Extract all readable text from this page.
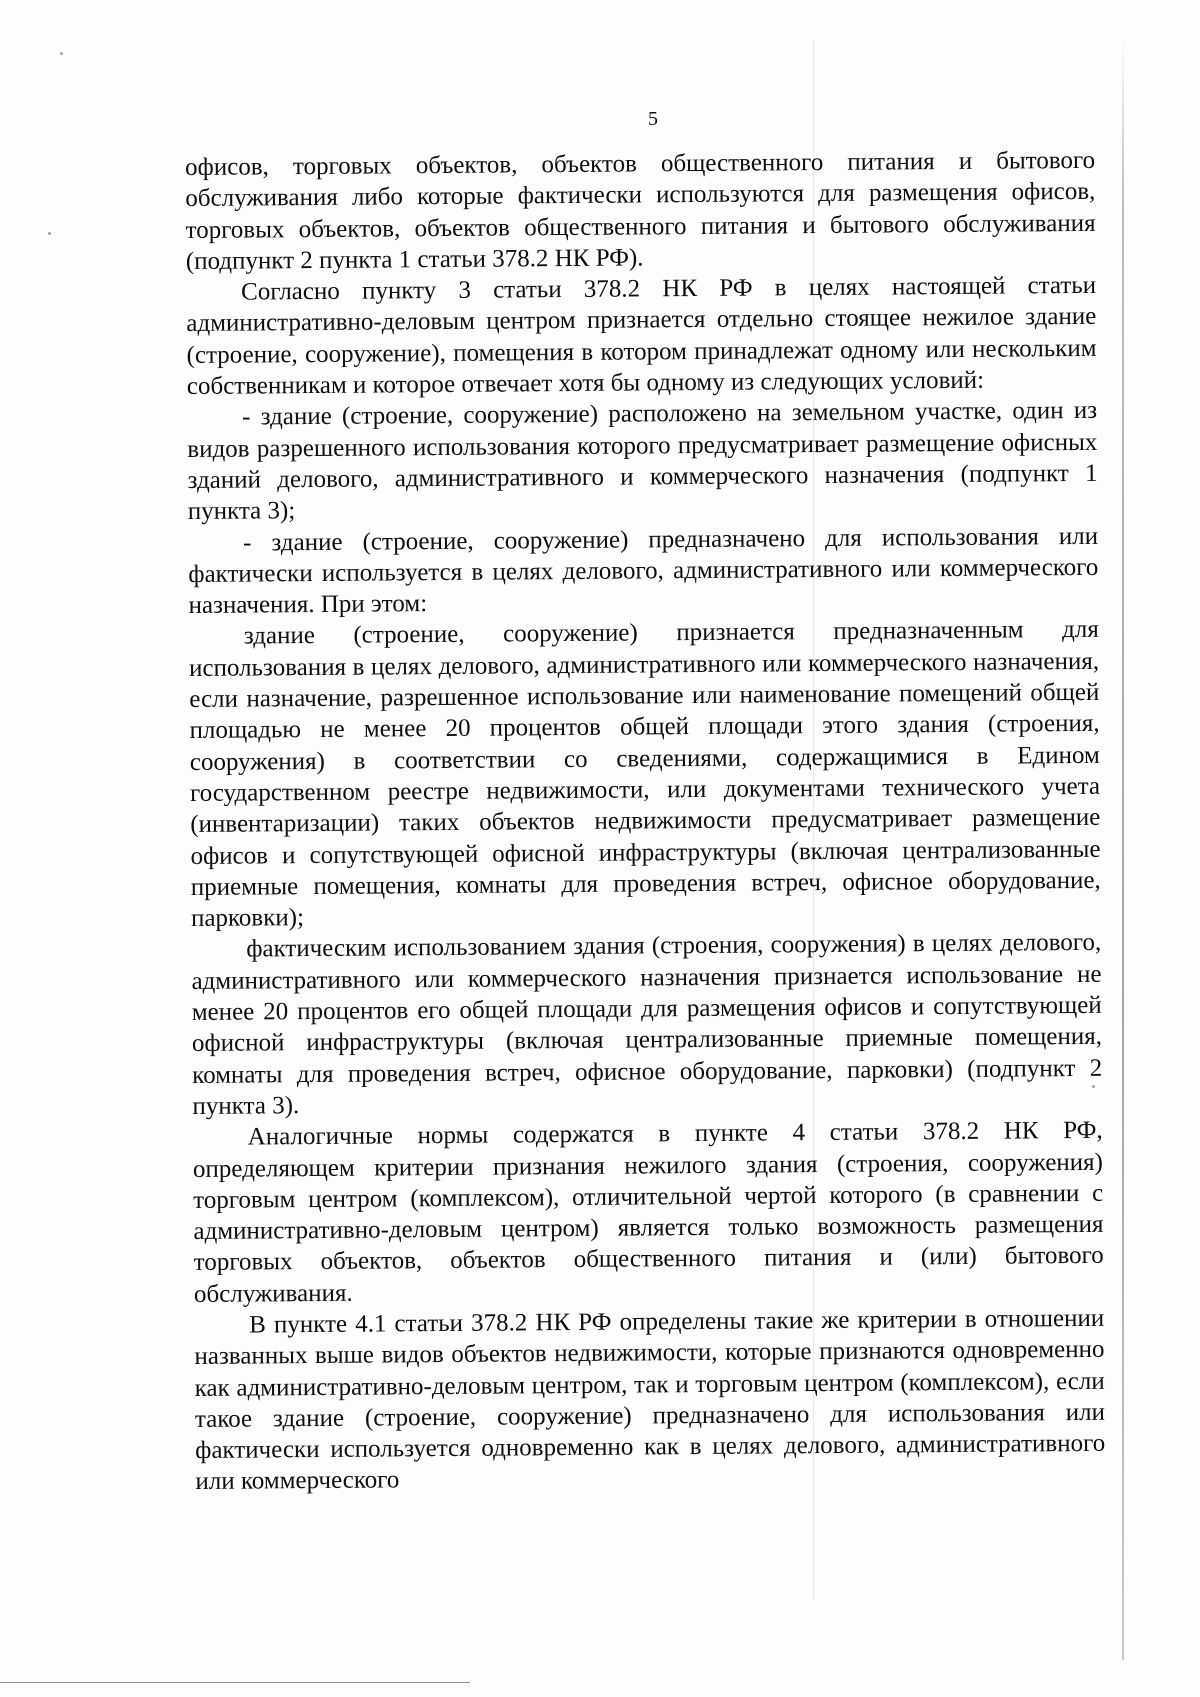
5

офисов, торговых объектов, объектов общественного питания и бытового обслуживания либо которые фактически используются для размещения офисов, торговых объектов, объектов общественного питания и бытового обслуживания (подпункт 2 пункта 1 статьи 378.2 НК РФ).

Согласно пункту 3 статьи 378.2 НК РФ в целях настоящей статьи административно-деловым центром признается отдельно стоящее нежилое здание (строение, сооружение), помещения в котором принадлежат одному или нескольким собственникам и которое отвечает хотя бы одному из следующих условий:

- здание (строение, сооружение) расположено на земельном участке, один из видов разрешенного использования которого предусматривает размещение офисных зданий делового, административного и коммерческого назначения (подпункт 1 пункта 3);

- здание (строение, сооружение) предназначено для использования или фактически используется в целях делового, административного или коммерческого назначения. При этом:

здание (строение, сооружение) признается предназначенным для использования в целях делового, административного или коммерческого назначения, если назначение, разрешенное использование или наименование помещений общей площадью не менее 20 процентов общей площади этого здания (строения, сооружения) в соответствии со сведениями, содержащимися в Едином государственном реестре недвижимости, или документами технического учета (инвентаризации) таких объектов недвижимости предусматривает размещение офисов и сопутствующей офисной инфраструктуры (включая централизованные приемные помещения, комнаты для проведения встреч, офисное оборудование, парковки);

фактическим использованием здания (строения, сооружения) в целях делового, административного или коммерческого назначения признается использование не менее 20 процентов его общей площади для размещения офисов и сопутствующей офисной инфраструктуры (включая централизованные приемные помещения, комнаты для проведения встреч, офисное оборудование, парковки) (подпункт 2 пункта 3).

Аналогичные нормы содержатся в пункте 4 статьи 378.2 НК РФ, определяющем критерии признания нежилого здания (строения, сооружения) торговым центром (комплексом), отличительной чертой которого (в сравнении с административно-деловым центром) является только возможность размещения торговых объектов, объектов общественного питания и (или) бытового обслуживания.

В пункте 4.1 статьи 378.2 НК РФ определены такие же критерии в отношении названных выше видов объектов недвижимости, которые признаются одновременно как административно-деловым центром, так и торговым центром (комплексом), если такое здание (строение, сооружение) предназначено для использования или фактически используется одновременно как в целях делового, административного или коммерческого
